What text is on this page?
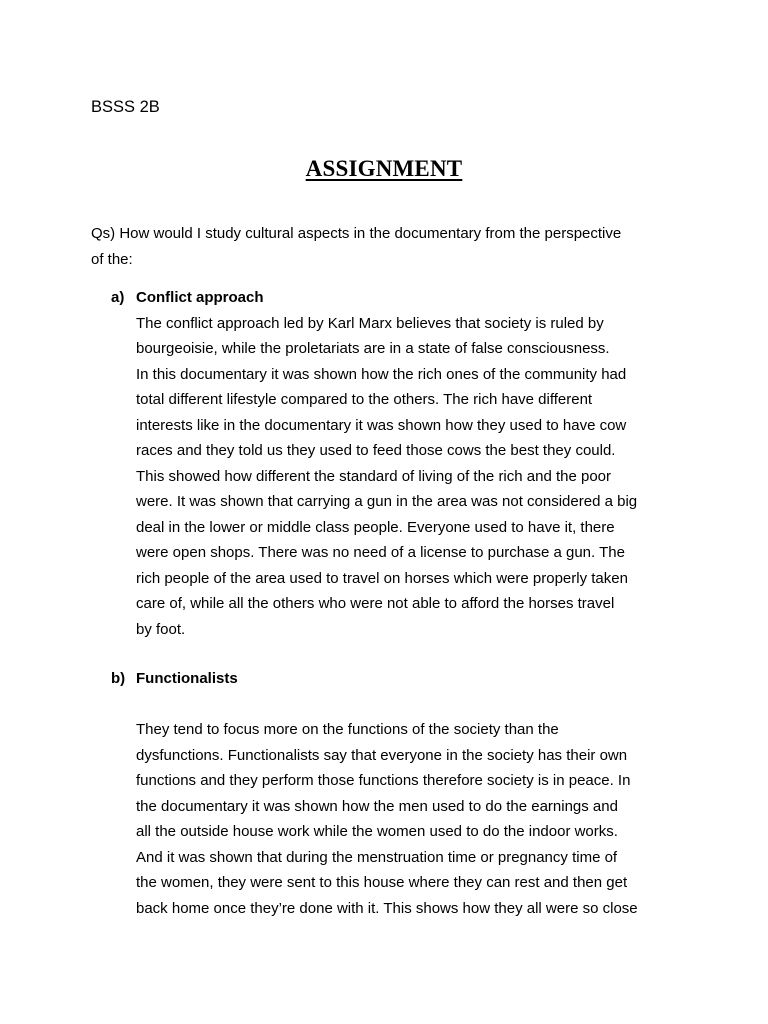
BSSS 2B
ASSIGNMENT
Qs) How would I study cultural aspects in the documentary from the perspective
of the:
a) Conflict approach
The conflict approach led by Karl Marx believes that society is ruled by
bourgeoisie, while the proletariats are in a state of false consciousness.
In this documentary it was shown how the rich ones of the community had
total different lifestyle compared to the others. The rich have different
interests like in the documentary it was shown how they used to have cow
races and they told us they used to feed those cows the best they could.
This showed how different the standard of living of the rich and the poor
were. It was shown that carrying a gun in the area was not considered a big
deal in the lower or middle class people. Everyone used to have it, there
were open shops. There was no need of a license to purchase a gun. The
rich people of the area used to travel on horses which were properly taken
care of, while all the others who were not able to afford the horses travel
by foot.
b) Functionalists
They tend to focus more on the functions of the society than the
dysfunctions. Functionalists say that everyone in the society has their own
functions and they perform those functions therefore society is in peace. In
the documentary it was shown how the men used to do the earnings and
all the outside house work while the women used to do the indoor works.
And it was shown that during the menstruation time or pregnancy time of
the women, they were sent to this house where they can rest and then get
back home once they’re done with it. This shows how they all were so close
